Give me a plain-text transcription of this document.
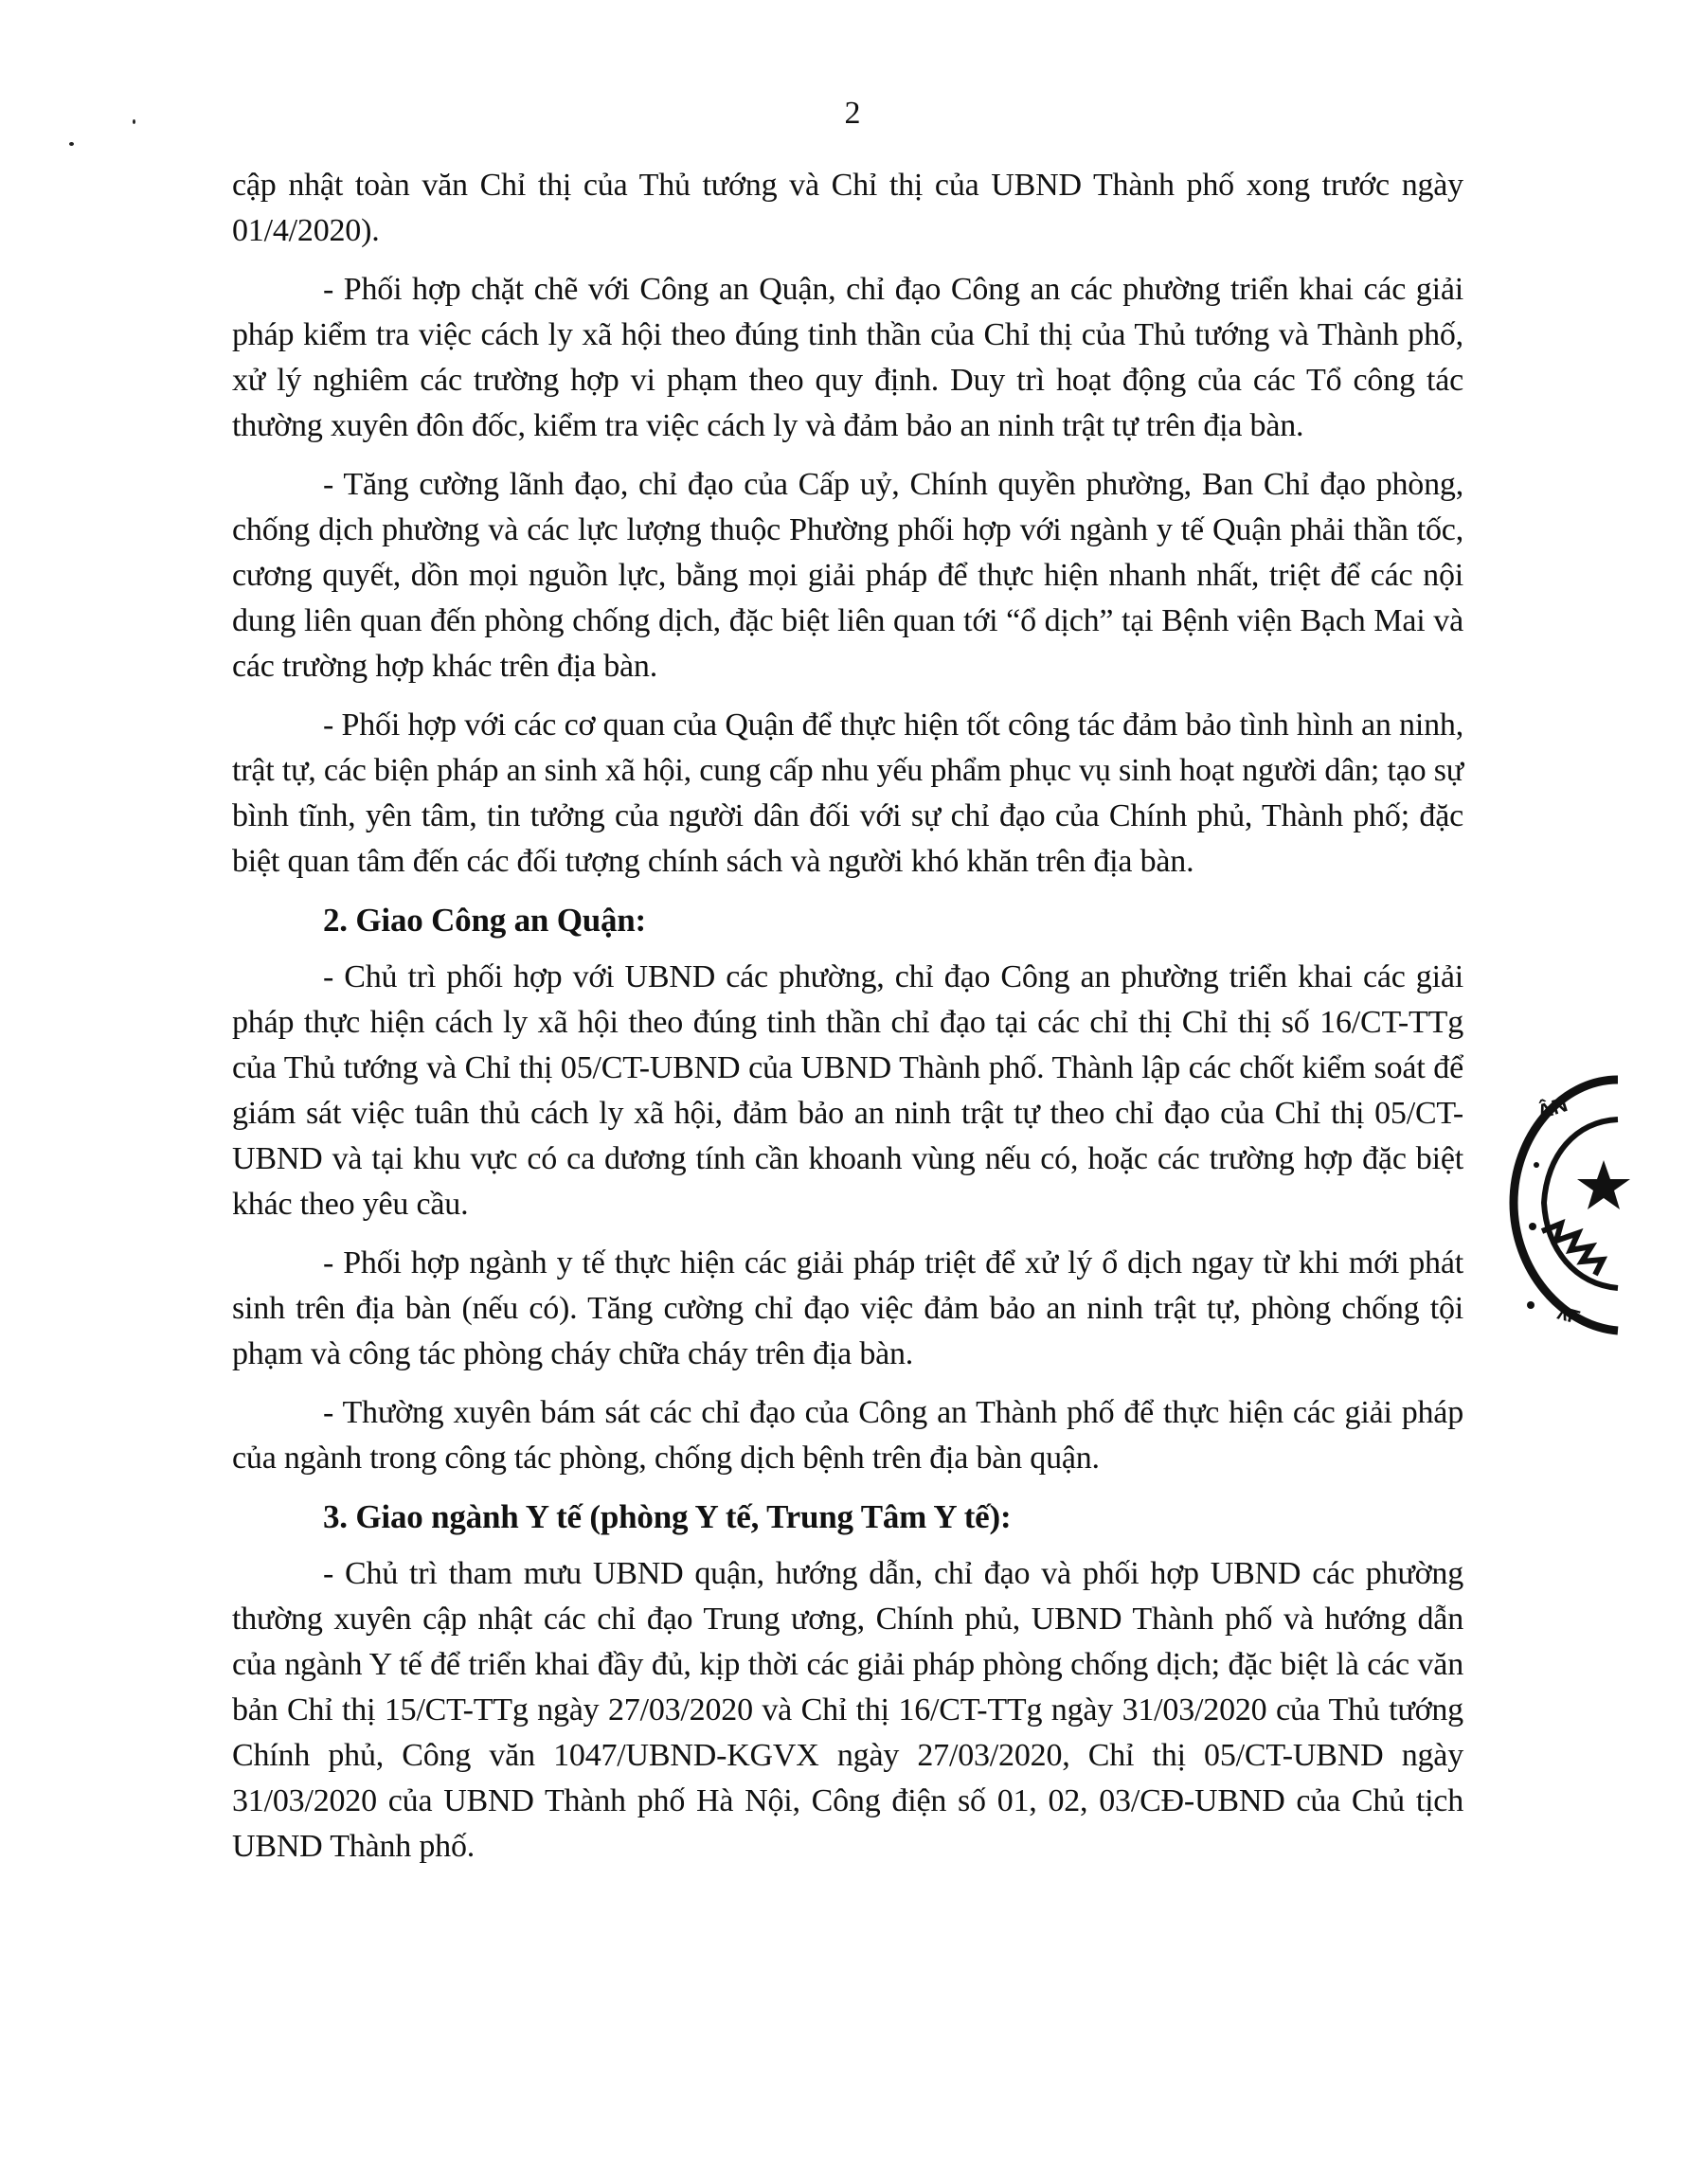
2

cập nhật toàn văn Chỉ thị của Thủ tướng và Chỉ thị của UBND Thành phố xong trước ngày 01/4/2020).

- Phối hợp chặt chẽ với Công an Quận, chỉ đạo Công an các phường triển khai các giải pháp kiểm tra việc cách ly xã hội theo đúng tinh thần của Chỉ thị của Thủ tướng và Thành phố, xử lý nghiêm các trường hợp vi phạm theo quy định. Duy trì hoạt động của các Tổ công tác thường xuyên đôn đốc, kiểm tra việc cách ly và đảm bảo an ninh trật tự trên địa bàn.

- Tăng cường lãnh đạo, chỉ đạo của Cấp uỷ, Chính quyền phường, Ban Chỉ đạo phòng, chống dịch phường và các lực lượng thuộc Phường phối hợp với ngành y tế Quận phải thần tốc, cương quyết, dồn mọi nguồn lực, bằng mọi giải pháp để thực hiện nhanh nhất, triệt để các nội dung liên quan đến phòng chống dịch, đặc biệt liên quan tới “ổ dịch” tại Bệnh viện Bạch Mai và các trường hợp khác trên địa bàn.

- Phối hợp với các cơ quan của Quận để thực hiện tốt công tác đảm bảo tình hình an ninh, trật tự, các biện pháp an sinh xã hội, cung cấp nhu yếu phẩm phục vụ sinh hoạt người dân; tạo sự bình tĩnh, yên tâm, tin tưởng của người dân đối với sự chỉ đạo của Chính phủ, Thành phố; đặc biệt quan tâm đến các đối tượng chính sách và người khó khăn trên địa bàn.

2. Giao Công an Quận:

- Chủ trì phối hợp với UBND các phường, chỉ đạo Công an phường triển khai các giải pháp thực hiện cách ly xã hội theo đúng tinh thần chỉ đạo tại các chỉ thị Chỉ thị số 16/CT-TTg của Thủ tướng và Chỉ thị 05/CT-UBND của UBND Thành phố. Thành lập các chốt kiểm soát để giám sát việc tuân thủ cách ly xã hội, đảm bảo an ninh trật tự theo chỉ đạo của Chỉ thị 05/CT-UBND và tại khu vực có ca dương tính cần khoanh vùng nếu có, hoặc các trường hợp đặc biệt khác theo yêu cầu.

- Phối hợp ngành y tế thực hiện các giải pháp triệt để xử lý ổ dịch ngay từ khi mới phát sinh trên địa bàn (nếu có). Tăng cường chỉ đạo việc đảm bảo an ninh trật tự, phòng chống tội phạm và công tác phòng cháy chữa cháy trên địa bàn.

- Thường xuyên bám sát các chỉ đạo của Công an Thành phố để thực hiện các giải pháp của ngành trong công tác phòng, chống dịch bệnh trên địa bàn quận.

3. Giao ngành Y tế (phòng Y tế, Trung Tâm Y tế):

- Chủ trì tham mưu UBND quận, hướng dẫn, chỉ đạo và phối hợp UBND các phường thường xuyên cập nhật các chỉ đạo Trung ương, Chính phủ, UBND Thành phố và hướng dẫn của ngành Y tế để triển khai đầy đủ, kịp thời các giải pháp phòng chống dịch; đặc biệt là các văn bản Chỉ thị 15/CT-TTg ngày 27/03/2020 và Chỉ thị 16/CT-TTg ngày 31/03/2020 của Thủ tướng Chính phủ, Công văn 1047/UBND-KGVX ngày 27/03/2020, Chỉ thị 05/CT-UBND ngày 31/03/2020 của UBND Thành phố Hà Nội, Công điện số 01, 02, 03/CĐ-UBND của Chủ tịch UBND Thành phố.

ÂN
ᴧΓ
